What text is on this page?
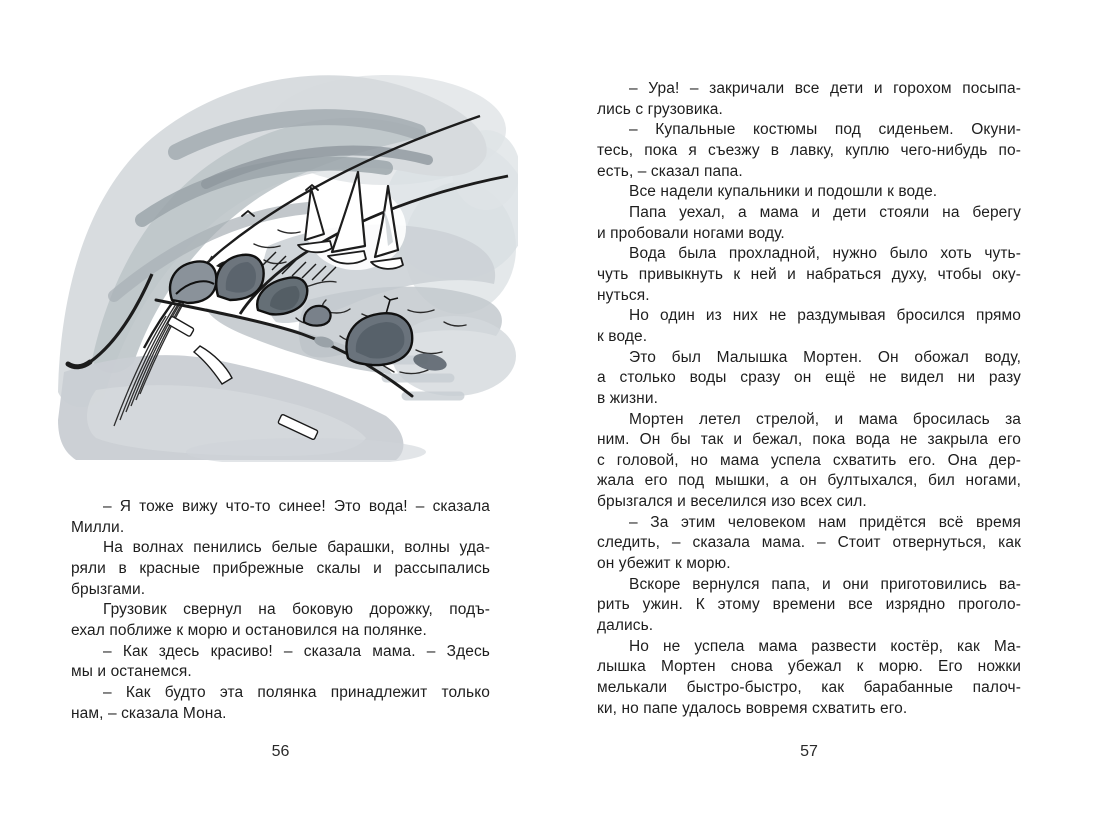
– Я тоже вижу что-то синее! Это вода! – сказала
Милли.
На волнах пенились белые барашки, волны уда-
ряли в красные прибрежные скалы и рассыпались
брызгами.
Грузовик свернул на боковую дорожку, подъ-
ехал поближе к морю и остановился на полянке.
– Как здесь красиво! – сказала мама. – Здесь
мы и останемся.
– Как будто эта полянка принадлежит только
нам, – сказала Мона.
– Ура! – закричали все дети и горохом посыпа-
лись с грузовика.
– Купальные костюмы под сиденьем. Окуни-
тесь, пока я съезжу в лавку, куплю чего-нибудь по-
есть, – сказал папа.
Все надели купальники и подошли к воде.
Папа уехал, а мама и дети стояли на берегу
и пробовали ногами воду.
Вода была прохладной, нужно было хоть чуть-
чуть привыкнуть к ней и набраться духу, чтобы оку-
нуться.
Но один из них не раздумывая бросился прямо
к воде.
Это был Малышка Мортен. Он обожал воду,
а столько воды сразу он ещё не видел ни разу
в жизни.
Мортен летел стрелой, и мама бросилась за
ним. Он бы так и бежал, пока вода не закрыла его
с головой, но мама успела схватить его. Она дер-
жала его под мышки, а он бултыхался, бил ногами,
брызгался и веселился изо всех сил.
– За этим человеком нам придётся всё время
следить, – сказала мама. – Стоит отвернуться, как
он убежит к морю.
Вскоре вернулся папа, и они приготовились ва-
рить ужин. К этому времени все изрядно проголо-
дались.
Но не успела мама развести костёр, как Ма-
лышка Мортен снова убежал к морю. Его ножки
мелькали быстро-быстро, как барабанные палоч-
ки, но папе удалось вовремя схватить его.
56	57
